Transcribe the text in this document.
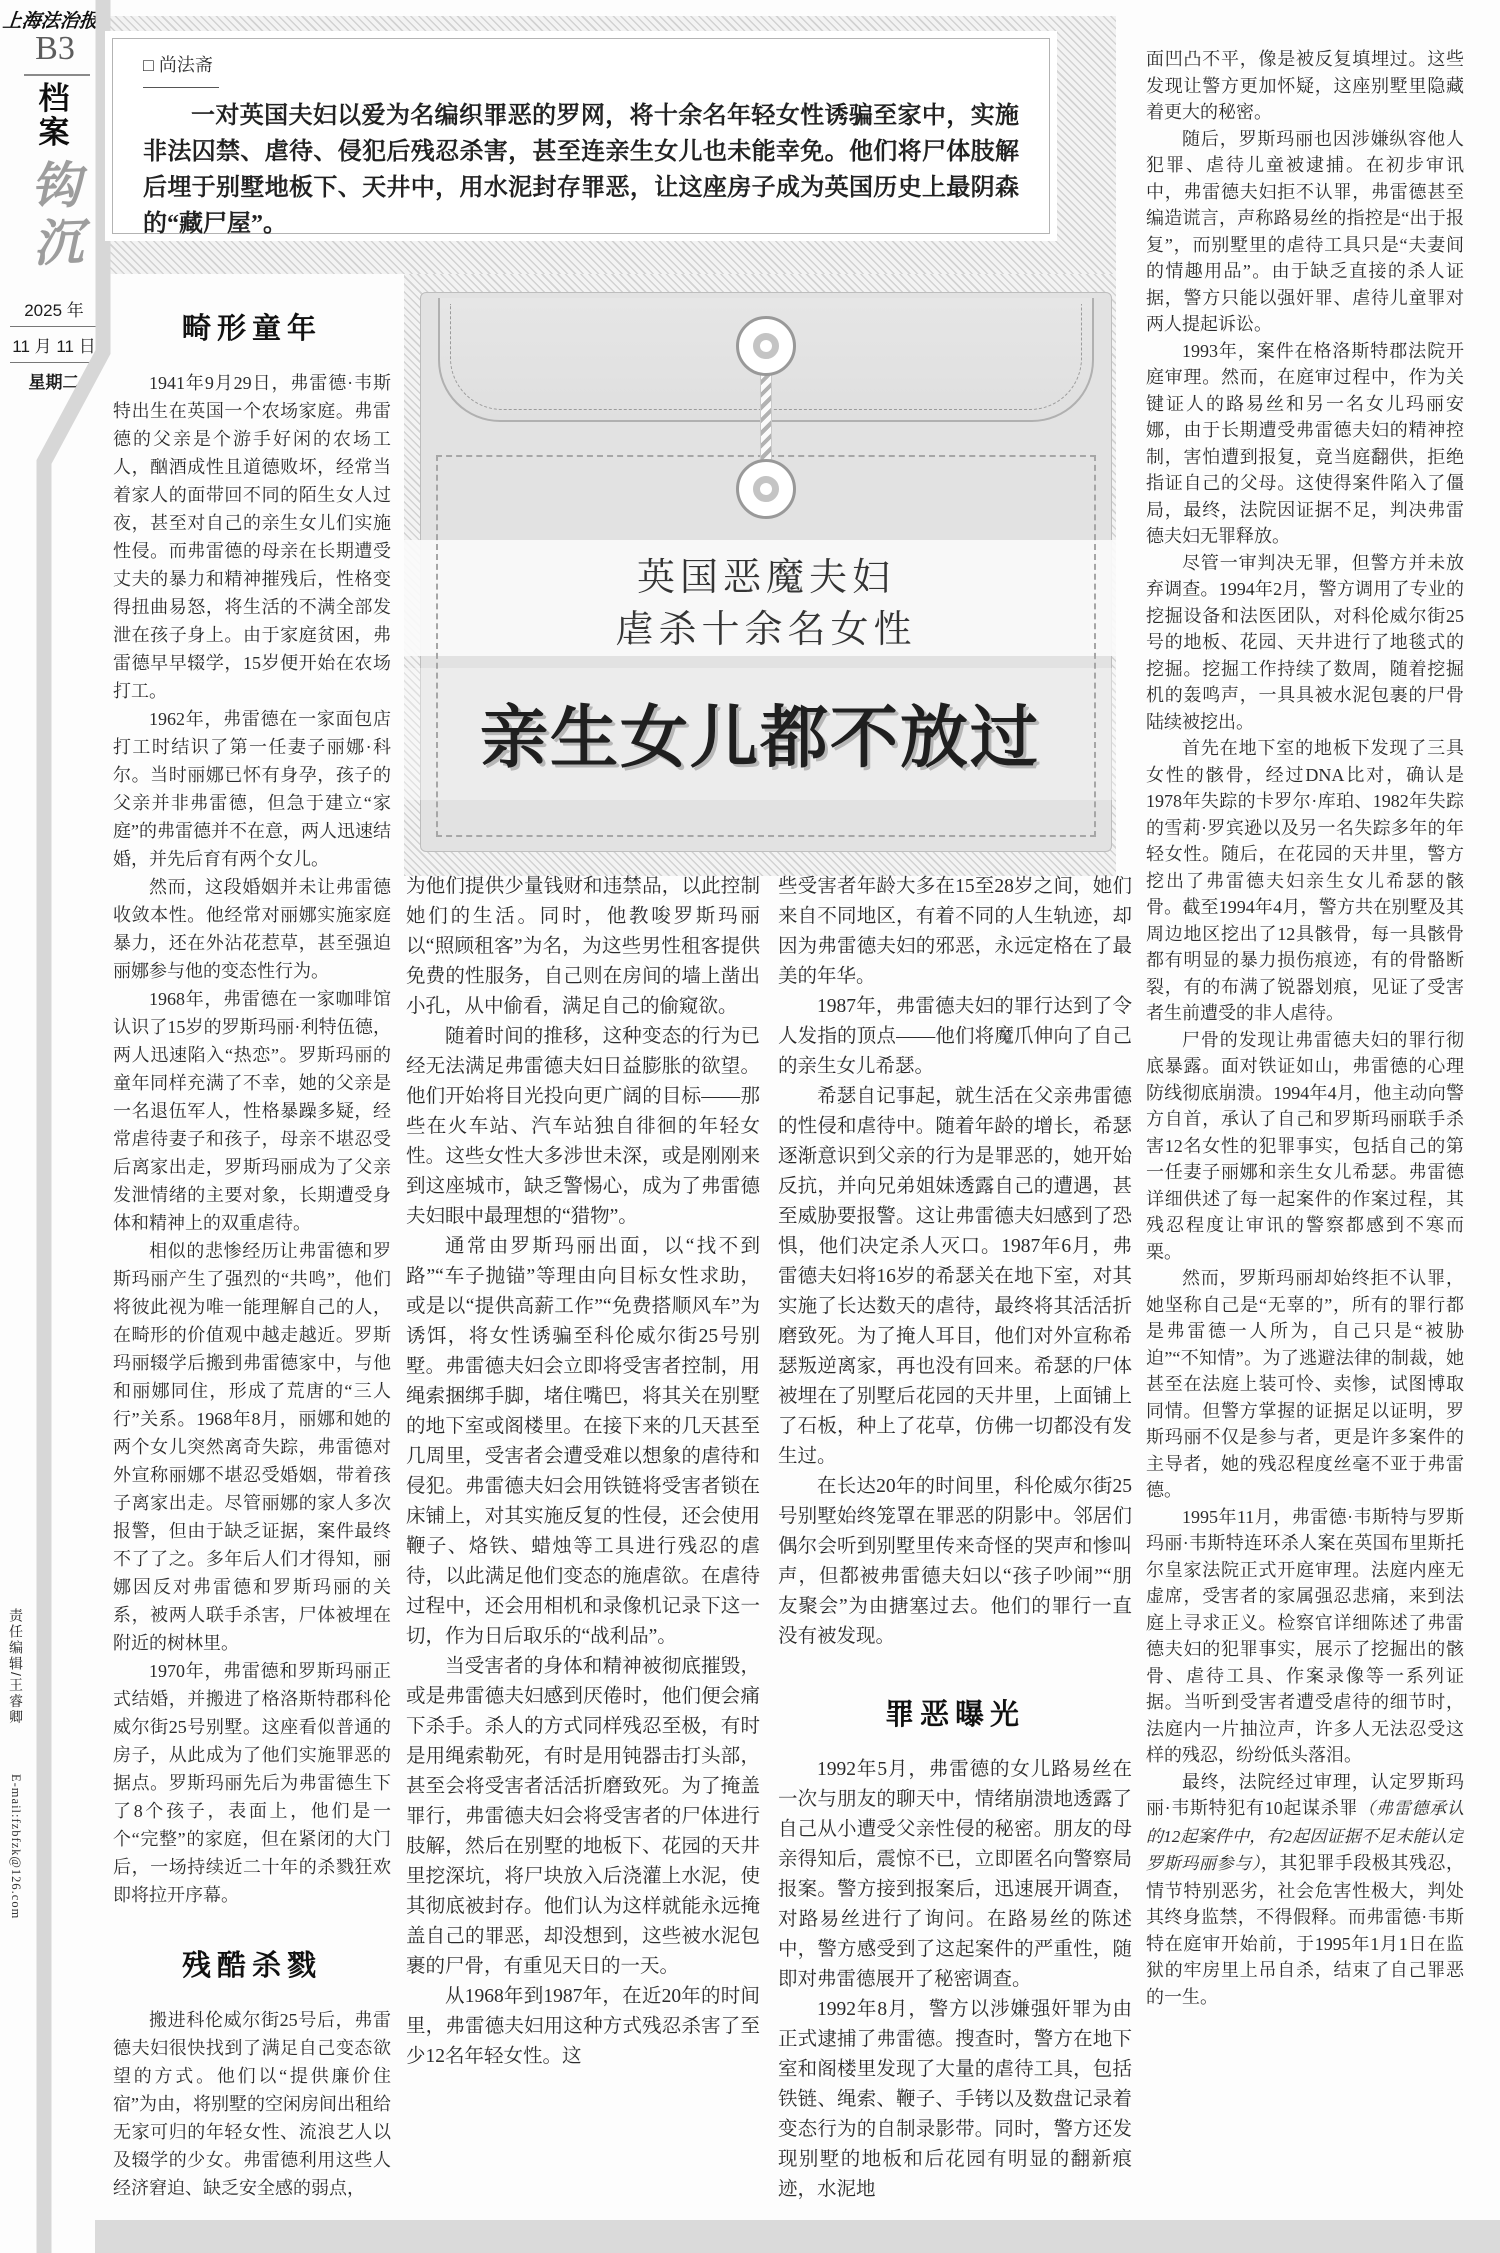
上海法治报
B3
档
案
钩
沉
2025 年
11 月 11 日
星期二
责任编辑/王睿卿 E-mail:fzbfzk@126.com
□ 尚法斋

一对英国夫妇以爱为名编织罪恶的罗网，将十余名年轻女性诱骗至家中，实施非法囚禁、虐待、侵犯后残忍杀害，甚至连亲生女儿也未能幸免。他们将尸体肢解后埋于别墅地板下、天井中，用水泥封存罪恶，让这座房子成为英国历史上最阴森的“藏尸屋”。

英国恶魔夫妇
虐杀十余名女性
亲生女儿都不放过
畸形童年

1941年9月29日，弗雷德·韦斯特出生在英国一个农场家庭。弗雷德的父亲是个游手好闲的农场工人，酗酒成性且道德败坏，经常当着家人的面带回不同的陌生女人过夜，甚至对自己的亲生女儿们实施性侵。而弗雷德的母亲在长期遭受丈夫的暴力和精神摧残后，性格变得扭曲易怒，将生活的不满全部发泄在孩子身上。由于家庭贫困，弗雷德早早辍学，15岁便开始在农场打工。

1962年，弗雷德在一家面包店打工时结识了第一任妻子丽娜·科尔。当时丽娜已怀有身孕，孩子的父亲并非弗雷德，但急于建立“家庭”的弗雷德并不在意，两人迅速结婚，并先后育有两个女儿。

然而，这段婚姻并未让弗雷德收敛本性。他经常对丽娜实施家庭暴力，还在外沾花惹草，甚至强迫丽娜参与他的变态性行为。

1968年，弗雷德在一家咖啡馆认识了15岁的罗斯玛丽·利特伍德，两人迅速陷入“热恋”。罗斯玛丽的童年同样充满了不幸，她的父亲是一名退伍军人，性格暴躁多疑，经常虐待妻子和孩子，母亲不堪忍受后离家出走，罗斯玛丽成为了父亲发泄情绪的主要对象，长期遭受身体和精神上的双重虐待。

相似的悲惨经历让弗雷德和罗斯玛丽产生了强烈的“共鸣”，他们将彼此视为唯一能理解自己的人，在畸形的价值观中越走越近。罗斯玛丽辍学后搬到弗雷德家中，与他和丽娜同住，形成了荒唐的“三人行”关系。1968年8月，丽娜和她的两个女儿突然离奇失踪，弗雷德对外宣称丽娜不堪忍受婚姻，带着孩子离家出走。尽管丽娜的家人多次报警，但由于缺乏证据，案件最终不了了之。多年后人们才得知，丽娜因反对弗雷德和罗斯玛丽的关系，被两人联手杀害，尸体被埋在附近的树林里。

1970年，弗雷德和罗斯玛丽正式结婚，并搬进了格洛斯特郡科伦威尔街25号别墅。这座看似普通的房子，从此成为了他们实施罪恶的据点。罗斯玛丽先后为弗雷德生下了8个孩子，表面上，他们是一个“完整”的家庭，但在紧闭的大门后，一场持续近二十年的杀戮狂欢即将拉开序幕。

残酷杀戮

搬进科伦威尔街25号后，弗雷德夫妇很快找到了满足自己变态欲望的方式。他们以“提供廉价住宿”为由，将别墅的空闲房间出租给无家可归的年轻女性、流浪艺人以及辍学的少女。弗雷德利用这些人经济窘迫、缺乏安全感的弱点，

为他们提供少量钱财和违禁品，以此控制她们的生活。同时，他教唆罗斯玛丽以“照顾租客”为名，为这些男性租客提供免费的性服务，自己则在房间的墙上凿出小孔，从中偷看，满足自己的偷窥欲。

随着时间的推移，这种变态的行为已经无法满足弗雷德夫妇日益膨胀的欲望。他们开始将目光投向更广阔的目标——那些在火车站、汽车站独自徘徊的年轻女性。这些女性大多涉世未深，或是刚刚来到这座城市，缺乏警惕心，成为了弗雷德夫妇眼中最理想的“猎物”。

通常由罗斯玛丽出面，以“找不到路”“车子抛锚”等理由向目标女性求助，或是以“提供高薪工作”“免费搭顺风车”为诱饵，将女性诱骗至科伦威尔街25号别墅。弗雷德夫妇会立即将受害者控制，用绳索捆绑手脚，堵住嘴巴，将其关在别墅的地下室或阁楼里。在接下来的几天甚至几周里，受害者会遭受难以想象的虐待和侵犯。弗雷德夫妇会用铁链将受害者锁在床铺上，对其实施反复的性侵，还会使用鞭子、烙铁、蜡烛等工具进行残忍的虐待，以此满足他们变态的施虐欲。在虐待过程中，还会用相机和录像机记录下这一切，作为日后取乐的“战利品”。

当受害者的身体和精神被彻底摧毁，或是弗雷德夫妇感到厌倦时，他们便会痛下杀手。杀人的方式同样残忍至极，有时是用绳索勒死，有时是用钝器击打头部，甚至会将受害者活活折磨致死。为了掩盖罪行，弗雷德夫妇会将受害者的尸体进行肢解，然后在别墅的地板下、花园的天井里挖深坑，将尸块放入后浇灌上水泥，使其彻底被封存。他们认为这样就能永远掩盖自己的罪恶，却没想到，这些被水泥包裹的尸骨，有重见天日的一天。

从1968年到1987年，在近20年的时间里，弗雷德夫妇用这种方式残忍杀害了至少12名年轻女性。这

些受害者年龄大多在15至28岁之间，她们来自不同地区，有着不同的人生轨迹，却因为弗雷德夫妇的邪恶，永远定格在了最美的年华。

1987年，弗雷德夫妇的罪行达到了令人发指的顶点——他们将魔爪伸向了自己的亲生女儿希瑟。

希瑟自记事起，就生活在父亲弗雷德的性侵和虐待中。随着年龄的增长，希瑟逐渐意识到父亲的行为是罪恶的，她开始反抗，并向兄弟姐妹透露自己的遭遇，甚至威胁要报警。这让弗雷德夫妇感到了恐惧，他们决定杀人灭口。1987年6月，弗雷德夫妇将16岁的希瑟关在地下室，对其实施了长达数天的虐待，最终将其活活折磨致死。为了掩人耳目，他们对外宣称希瑟叛逆离家，再也没有回来。希瑟的尸体被埋在了别墅后花园的天井里，上面铺上了石板，种上了花草，仿佛一切都没有发生过。

在长达20年的时间里，科伦威尔街25号别墅始终笼罩在罪恶的阴影中。邻居们偶尔会听到别墅里传来奇怪的哭声和惨叫声，但都被弗雷德夫妇以“孩子吵闹”“朋友聚会”为由搪塞过去。他们的罪行一直没有被发现。

罪恶曝光

1992年5月，弗雷德的女儿路易丝在一次与朋友的聊天中，情绪崩溃地透露了自己从小遭受父亲性侵的秘密。朋友的母亲得知后，震惊不已，立即匿名向警察局报案。警方接到报案后，迅速展开调查，对路易丝进行了询问。在路易丝的陈述中，警方感受到了这起案件的严重性，随即对弗雷德展开了秘密调查。

1992年8月，警方以涉嫌强奸罪为由正式逮捕了弗雷德。搜查时，警方在地下室和阁楼里发现了大量的虐待工具，包括铁链、绳索、鞭子、手铐以及数盘记录着变态行为的自制录影带。同时，警方还发现别墅的地板和后花园有明显的翻新痕迹，水泥地

面凹凸不平，像是被反复填埋过。这些发现让警方更加怀疑，这座别墅里隐藏着更大的秘密。

随后，罗斯玛丽也因涉嫌纵容他人犯罪、虐待儿童被逮捕。在初步审讯中，弗雷德夫妇拒不认罪，弗雷德甚至编造谎言，声称路易丝的指控是“出于报复”，而别墅里的虐待工具只是“夫妻间的情趣用品”。由于缺乏直接的杀人证据，警方只能以强奸罪、虐待儿童罪对两人提起诉讼。

1993年，案件在格洛斯特郡法院开庭审理。然而，在庭审过程中，作为关键证人的路易丝和另一名女儿玛丽安娜，由于长期遭受弗雷德夫妇的精神控制，害怕遭到报复，竟当庭翻供，拒绝指证自己的父母。这使得案件陷入了僵局，最终，法院因证据不足，判决弗雷德夫妇无罪释放。

尽管一审判决无罪，但警方并未放弃调查。1994年2月，警方调用了专业的挖掘设备和法医团队，对科伦威尔街25号的地板、花园、天井进行了地毯式的挖掘。挖掘工作持续了数周，随着挖掘机的轰鸣声，一具具被水泥包裹的尸骨陆续被挖出。

首先在地下室的地板下发现了三具女性的骸骨，经过DNA比对，确认是1978年失踪的卡罗尔·库珀、1982年失踪的雪莉·罗宾逊以及另一名失踪多年的年轻女性。随后，在花园的天井里，警方挖出了弗雷德夫妇亲生女儿希瑟的骸骨。截至1994年4月，警方共在别墅及其周边地区挖出了12具骸骨，每一具骸骨都有明显的暴力损伤痕迹，有的骨骼断裂，有的布满了锐器划痕，见证了受害者生前遭受的非人虐待。

尸骨的发现让弗雷德夫妇的罪行彻底暴露。面对铁证如山，弗雷德的心理防线彻底崩溃。1994年4月，他主动向警方自首，承认了自己和罗斯玛丽联手杀害12名女性的犯罪事实，包括自己的第一任妻子丽娜和亲生女儿希瑟。弗雷德详细供述了每一起案件的作案过程，其残忍程度让审讯的警察都感到不寒而栗。

然而，罗斯玛丽却始终拒不认罪，她坚称自己是“无辜的”，所有的罪行都是弗雷德一人所为，自己只是“被胁迫”“不知情”。为了逃避法律的制裁，她甚至在法庭上装可怜、卖惨，试图博取同情。但警方掌握的证据足以证明，罗斯玛丽不仅是参与者，更是许多案件的主导者，她的残忍程度丝毫不亚于弗雷德。

1995年11月，弗雷德·韦斯特与罗斯玛丽·韦斯特连环杀人案在英国布里斯托尔皇家法院正式开庭审理。法庭内座无虚席，受害者的家属强忍悲痛，来到法庭上寻求正义。检察官详细陈述了弗雷德夫妇的犯罪事实，展示了挖掘出的骸骨、虐待工具、作案录像等一系列证据。当听到受害者遭受虐待的细节时，法庭内一片抽泣声，许多人无法忍受这样的残忍，纷纷低头落泪。

最终，法院经过审理，认定罗斯玛丽·韦斯特犯有10起谋杀罪（弗雷德承认的12起案件中，有2起因证据不足未能认定罗斯玛丽参与），其犯罪手段极其残忍，情节特别恶劣，社会危害性极大，判处其终身监禁，不得假释。而弗雷德·韦斯特在庭审开始前，于1995年1月1日在监狱的牢房里上吊自杀，结束了自己罪恶的一生。
